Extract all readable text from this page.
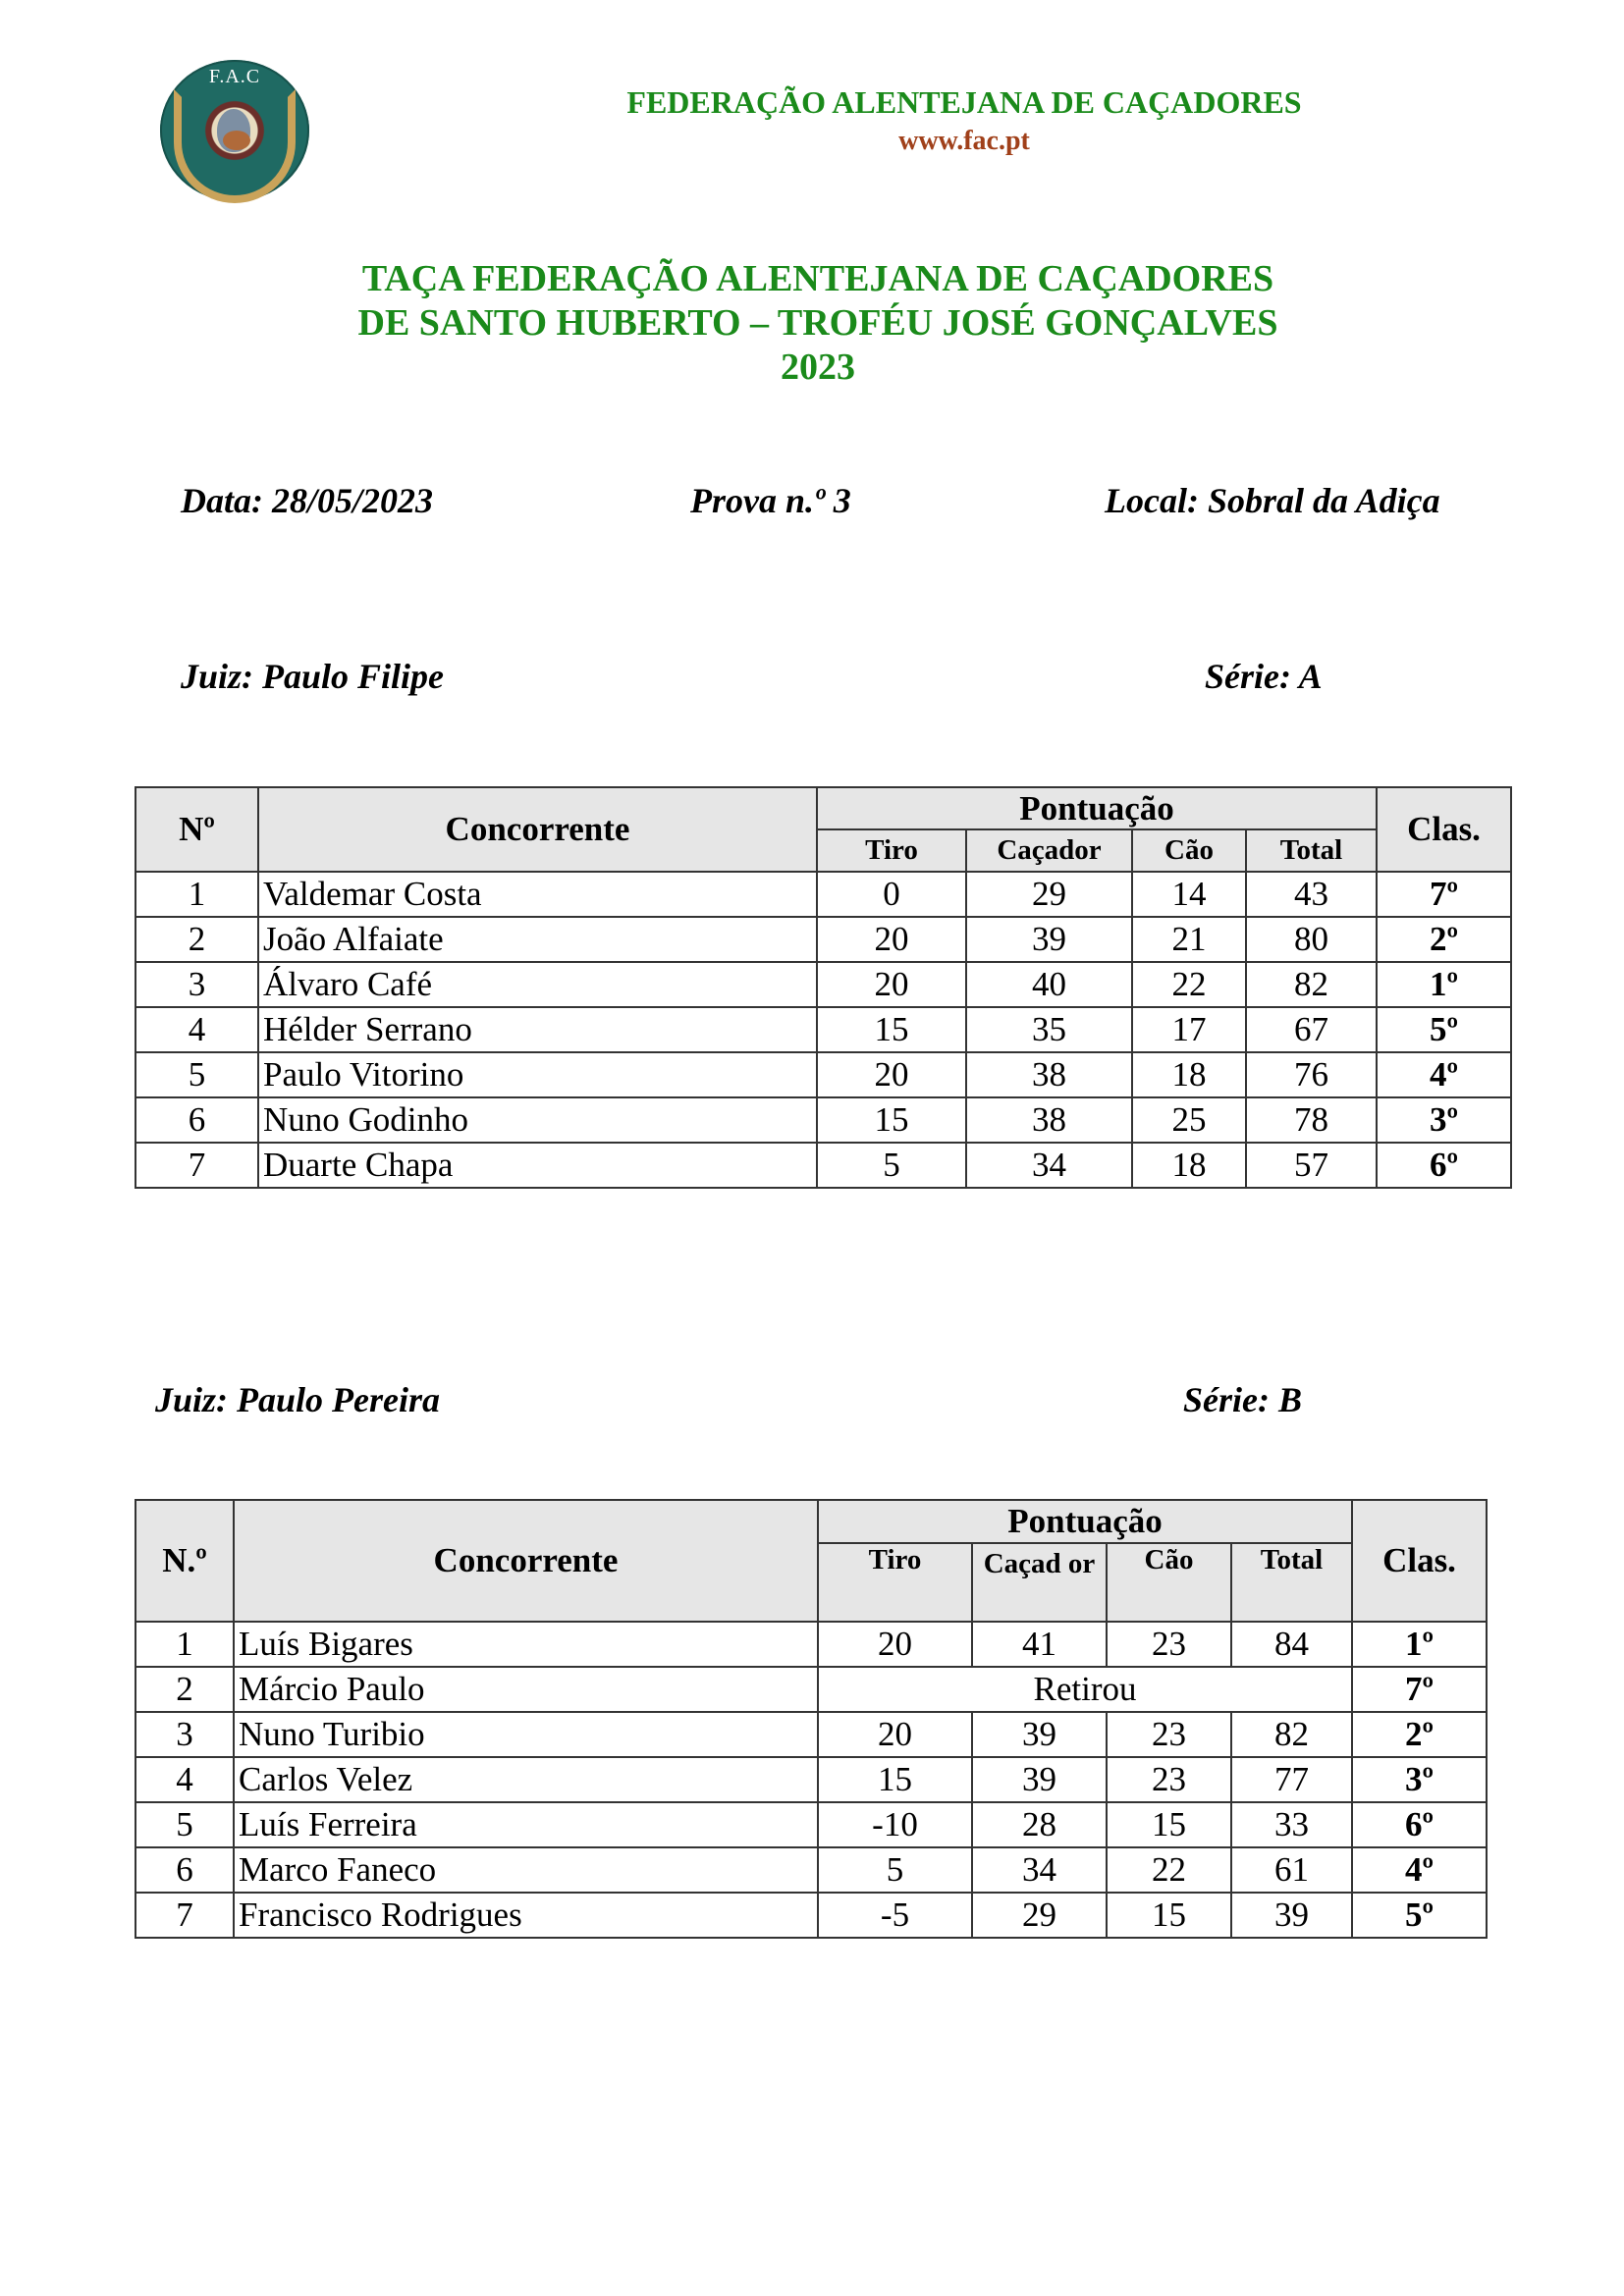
F.A.C
FEDERAÇÃO ALENTEJANA DE CAÇADORES
www.fac.pt
TAÇA FEDERAÇÃO ALENTEJANA DE CAÇADORES
DE SANTO HUBERTO – TROFÉU JOSÉ GONÇALVES
2023
Data: 28/05/2023	Prova n.º 3	Local: Sobral da Adiça
Juiz: Paulo Filipe	Série: A
Nº	Concorrente	Pontuação				Clas.
		Tiro	Caçador	Cão	Total	
1	Valdemar Costa	0	29	14	43	7º
2	João Alfaiate	20	39	21	80	2º
3	Álvaro Café	20	40	22	82	1º
4	Hélder Serrano	15	35	17	67	5º
5	Paulo Vitorino	20	38	18	76	4º
6	Nuno Godinho	15	38	25	78	3º
7	Duarte Chapa	5	34	18	57	6º
Juiz: Paulo Pereira	Série: B
N.º	Concorrente	Pontuação				Clas.
		Tiro	Caçad or	Cão	Total	
1	Luís Bigares	20	41	23	84	1º
2	Márcio Paulo	Retirou				7º
3	Nuno Turibio	20	39	23	82	2º
4	Carlos Velez	15	39	23	77	3º
5	Luís Ferreira	-10	28	15	33	6º
6	Marco Faneco	5	34	22	61	4º
7	Francisco Rodrigues	-5	29	15	39	5º
